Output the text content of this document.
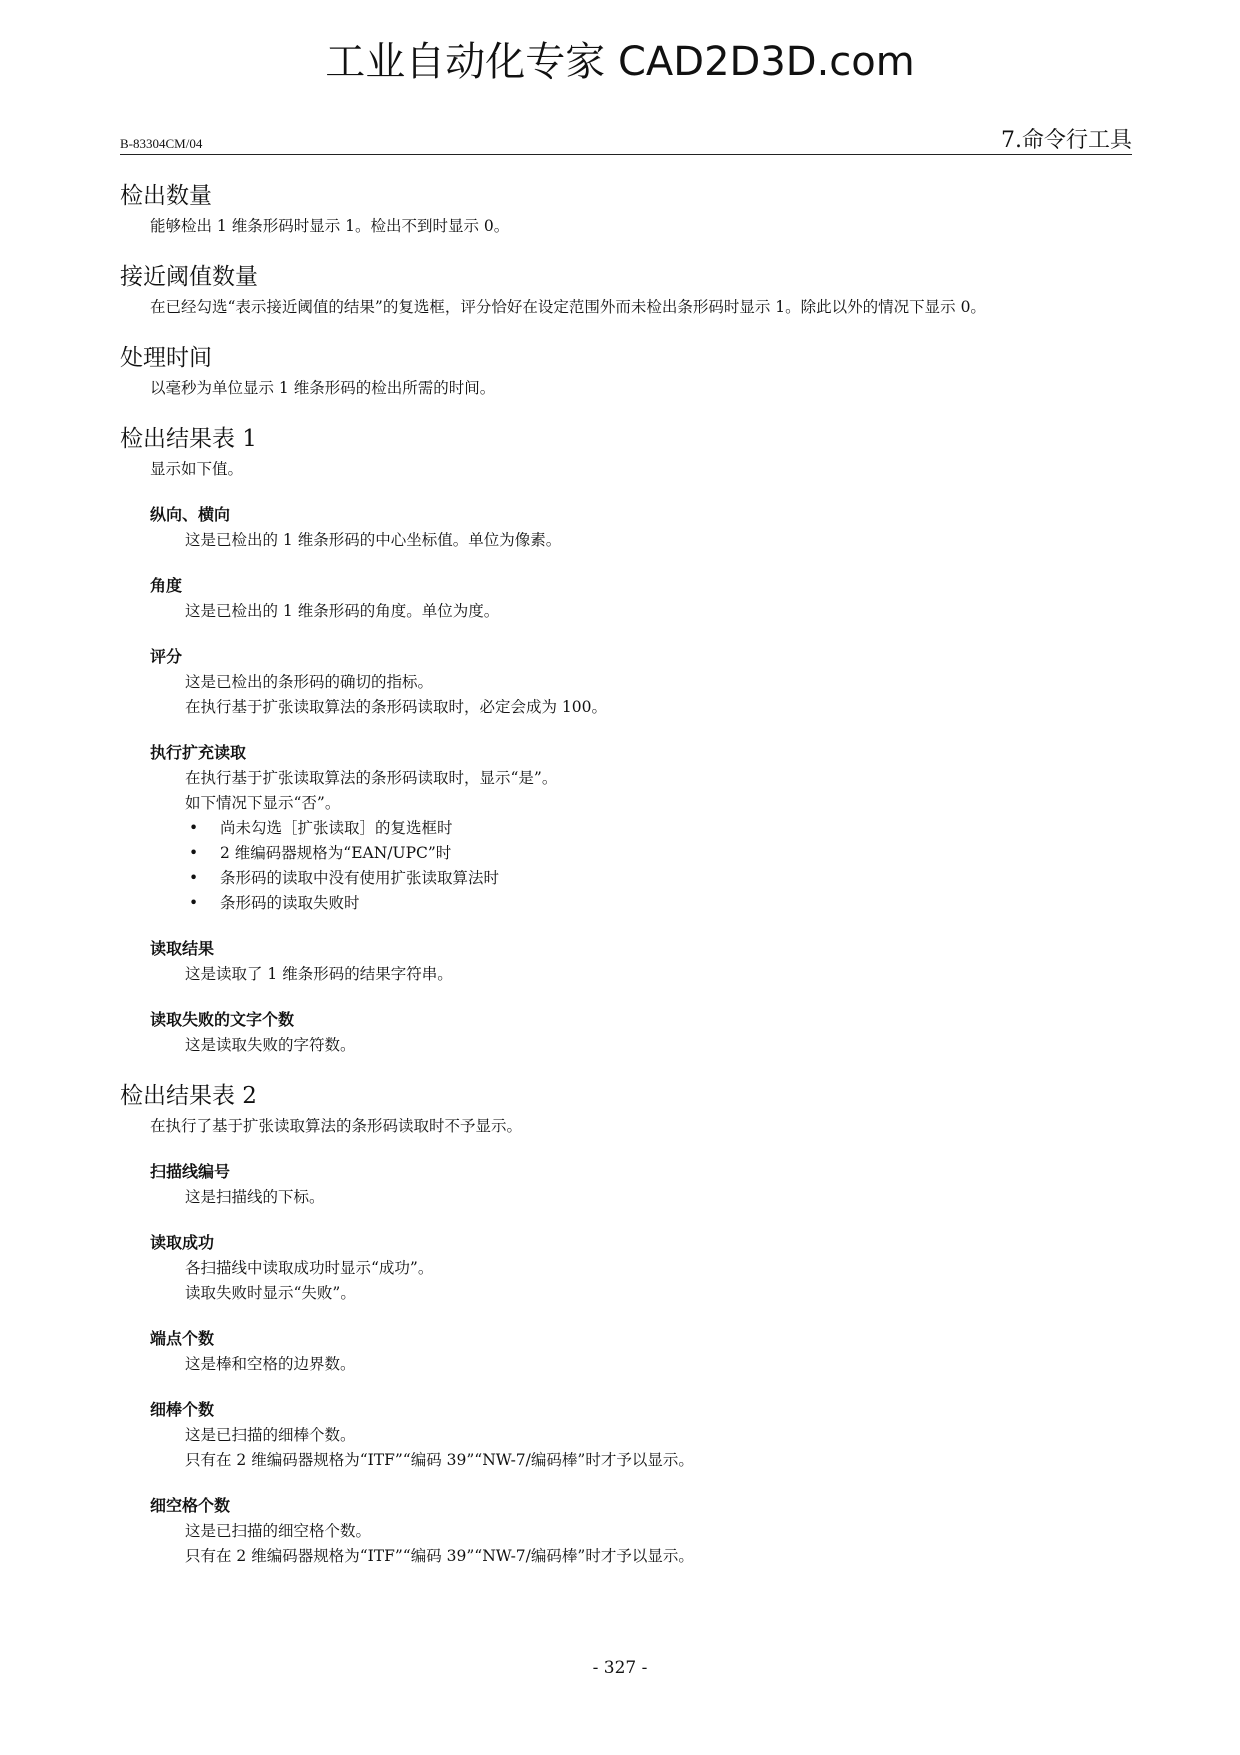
工业自动化专家 CAD2D3D.com
B-83304CM/04	7.命令行工具
检出数量
能够检出 1 维条形码时显示 1。检出不到时显示 0。
接近阈值数量
在已经勾选“表示接近阈值的结果”的复选框，评分恰好在设定范围外而未检出条形码时显示 1。除此以外的情况下显示 0。
处理时间
以毫秒为单位显示 1 维条形码的检出所需的时间。
检出结果表 1
显示如下值。
纵向、横向
这是已检出的 1 维条形码的中心坐标值。单位为像素。
角度
这是已检出的 1 维条形码的角度。单位为度。
评分
这是已检出的条形码的确切的指标。
在执行基于扩张读取算法的条形码读取时，必定会成为 100。
执行扩充读取
在执行基于扩张读取算法的条形码读取时，显示“是”。
如下情况下显示“否”。
• 尚未勾选［扩张读取］的复选框时
• 2 维编码器规格为“EAN/UPC”时
• 条形码的读取中没有使用扩张读取算法时
• 条形码的读取失败时
读取结果
这是读取了 1 维条形码的结果字符串。
读取失败的文字个数
这是读取失败的字符数。
检出结果表 2
在执行了基于扩张读取算法的条形码读取时不予显示。
扫描线编号
这是扫描线的下标。
读取成功
各扫描线中读取成功时显示“成功”。
读取失败时显示“失败”。
端点个数
这是棒和空格的边界数。
细棒个数
这是已扫描的细棒个数。
只有在 2 维编码器规格为“ITF”“编码 39”“NW-7/编码棒”时才予以显示。
细空格个数
这是已扫描的细空格个数。
只有在 2 维编码器规格为“ITF”“编码 39”“NW-7/编码棒”时才予以显示。
- 327 -
